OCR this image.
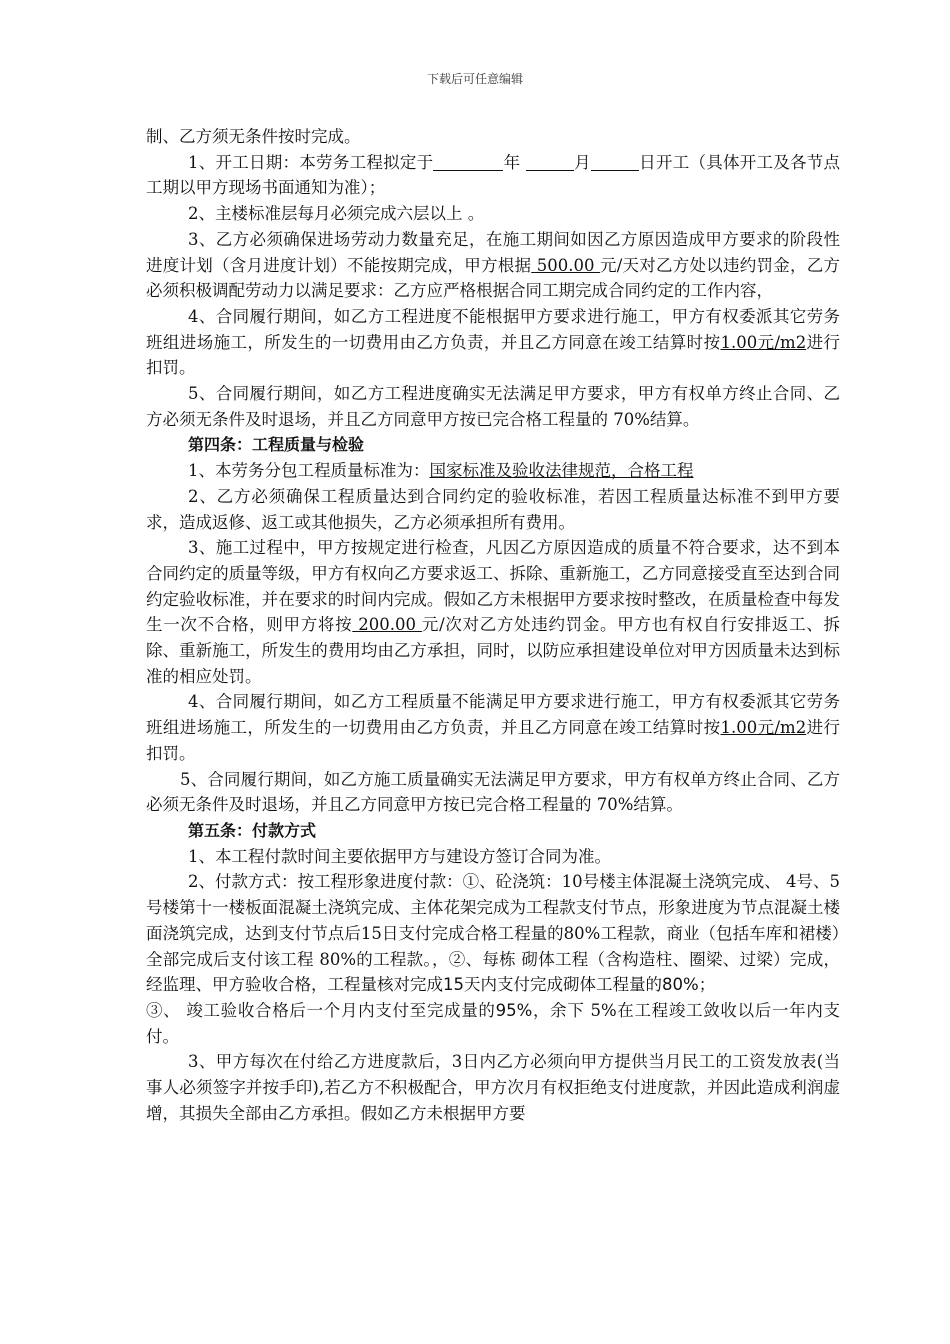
下载后可任意编辑

制、乙方须无条件按时完成。

1、开工日期：本劳务工程拟定于	年	月	日开工（具体开工及各节点工期以甲方现场书面通知为准）；

2、主楼标准层每月必须完成六层以上 。

3、乙方必须确保进场劳动力数量充足，在施工期间如因乙方原因造成甲方要求的阶段性进度计划（含月进度计划）不能按期完成，甲方根据 500.00 元/天对乙方处以违约罚金，乙方必须积极调配劳动力以满足要求：乙方应严格根据合同工期完成合同约定的工作内容，

4、合同履行期间，如乙方工程进度不能根据甲方要求进行施工，甲方有权委派其它劳务班组进场施工，所发生的一切费用由乙方负责，并且乙方同意在竣工结算时按1.00元/m2进行扣罚。

5、合同履行期间，如乙方工程进度确实无法满足甲方要求，甲方有权单方终止合同、乙方必须无条件及时退场，并且乙方同意甲方按已完合格工程量的 70%结算。

第四条：工程质量与检验

1、本劳务分包工程质量标准为：国家标准及验收法律规范，合格工程

2、乙方必须确保工程质量达到合同约定的验收标准，若因工程质量达标准不到甲方要求，造成返修、返工或其他损失，乙方必须承担所有费用。

3、施工过程中，甲方按规定进行检查，凡因乙方原因造成的质量不符合要求，达不到本合同约定的质量等级，甲方有权向乙方要求返工、拆除、重新施工，乙方同意接受直至达到合同约定验收标准，并在要求的时间内完成。假如乙方未根据甲方要求按时整改，在质量检查中每发生一次不合格，则甲方将按 200.00 元/次对乙方处违约罚金。甲方也有权自行安排返工、拆除、重新施工，所发生的费用均由乙方承担，同时，以防应承担建设单位对甲方因质量未达到标准的相应处罚。

4、合同履行期间，如乙方工程质量不能满足甲方要求进行施工，甲方有权委派其它劳务班组进场施工，所发生的一切费用由乙方负责，并且乙方同意在竣工结算时按1.00元/m2进行扣罚。

5、合同履行期间，如乙方施工质量确实无法满足甲方要求，甲方有权单方终止合同、乙方必须无条件及时退场，并且乙方同意甲方按已完合格工程量的 70%结算。

第五条：付款方式

1、本工程付款时间主要依据甲方与建设方签订合同为准。

2、付款方式：按工程形象进度付款：①、砼浇筑：10号楼主体混凝土浇筑完成、 4号、5号楼第十一楼板面混凝土浇筑完成、主体花架完成为工程款支付节点，形象进度为节点混凝土楼面浇筑完成，达到支付节点后15日支付完成合格工程量的80%工程款，商业（包括车库和裙楼）全部完成后支付该工程 80%的工程款。，②、每栋 砌体工程（含构造柱、圈梁、过梁）完成，经监理、甲方验收合格，工程量核对完成15天内支付完成砌体工程量的80%；

③、 竣工验收合格后一个月内支付至完成量的95%，余下 5%在工程竣工敛收以后一年内支付。

3、甲方每次在付给乙方进度款后，3日内乙方必须向甲方提供当月民工的工资发放表(当事人必须签字并按手印),若乙方不积极配合，甲方次月有权拒绝支付进度款，并因此造成利润虚增，其损失全部由乙方承担。假如乙方未根据甲方要
